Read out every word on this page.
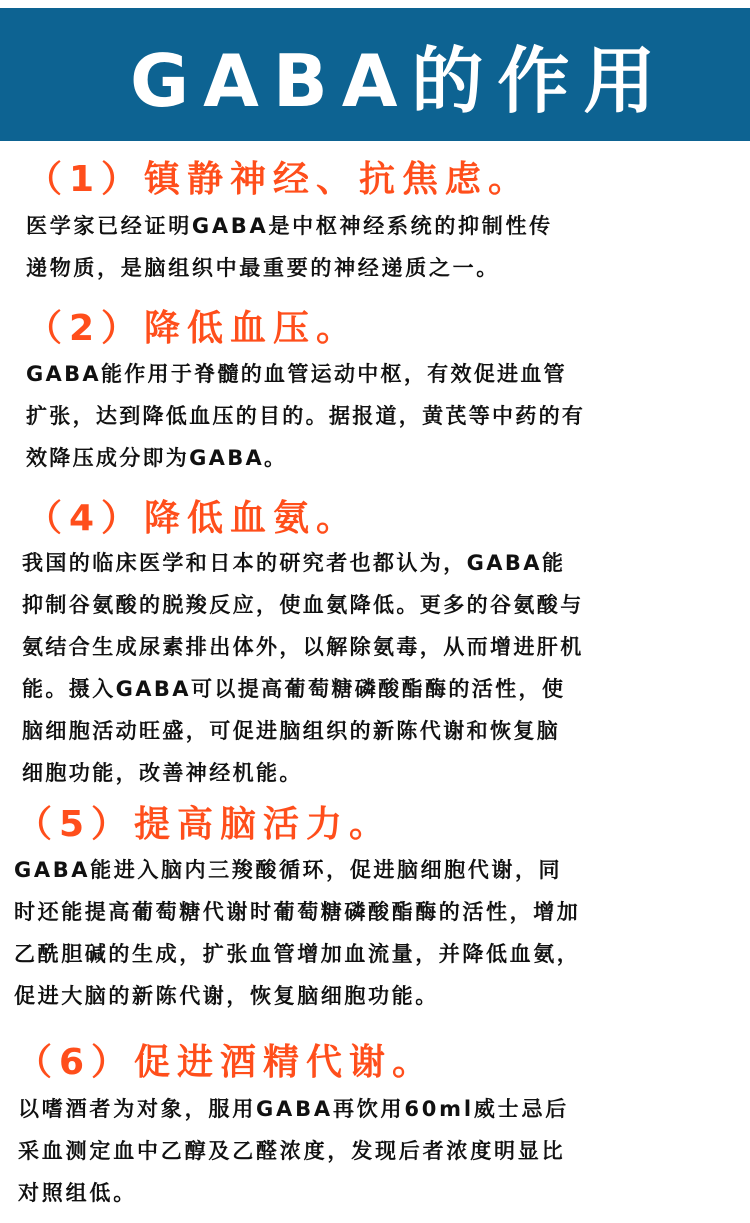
GABA的作用
（1）镇静神经、抗焦虑。

医学家已经证明GABA是中枢神经系统的抑制性传
递物质，是脑组织中最重要的神经递质之一。

（2）降低血压。

GABA能作用于脊髓的血管运动中枢，有效促进血管
扩张，达到降低血压的目的。据报道，黄芪等中药的有
效降压成分即为GABA。

（4）降低血氨。

我国的临床医学和日本的研究者也都认为，GABA能
抑制谷氨酸的脱羧反应，使血氨降低。更多的谷氨酸与
氨结合生成尿素排出体外，以解除氨毒，从而增进肝机
能。摄入GABA可以提高葡萄糖磷酸酯酶的活性，使
脑细胞活动旺盛，可促进脑组织的新陈代谢和恢复脑
细胞功能，改善神经机能。

（5）提高脑活力。

GABA能进入脑内三羧酸循环，促进脑细胞代谢，同
时还能提高葡萄糖代谢时葡萄糖磷酸酯酶的活性，增加
乙酰胆碱的生成，扩张血管增加血流量，并降低血氨，
促进大脑的新陈代谢，恢复脑细胞功能。

（6）促进酒精代谢。

以嗜酒者为对象，服用GABA再饮用60ml威士忌后
采血测定血中乙醇及乙醛浓度，发现后者浓度明显比
对照组低。
